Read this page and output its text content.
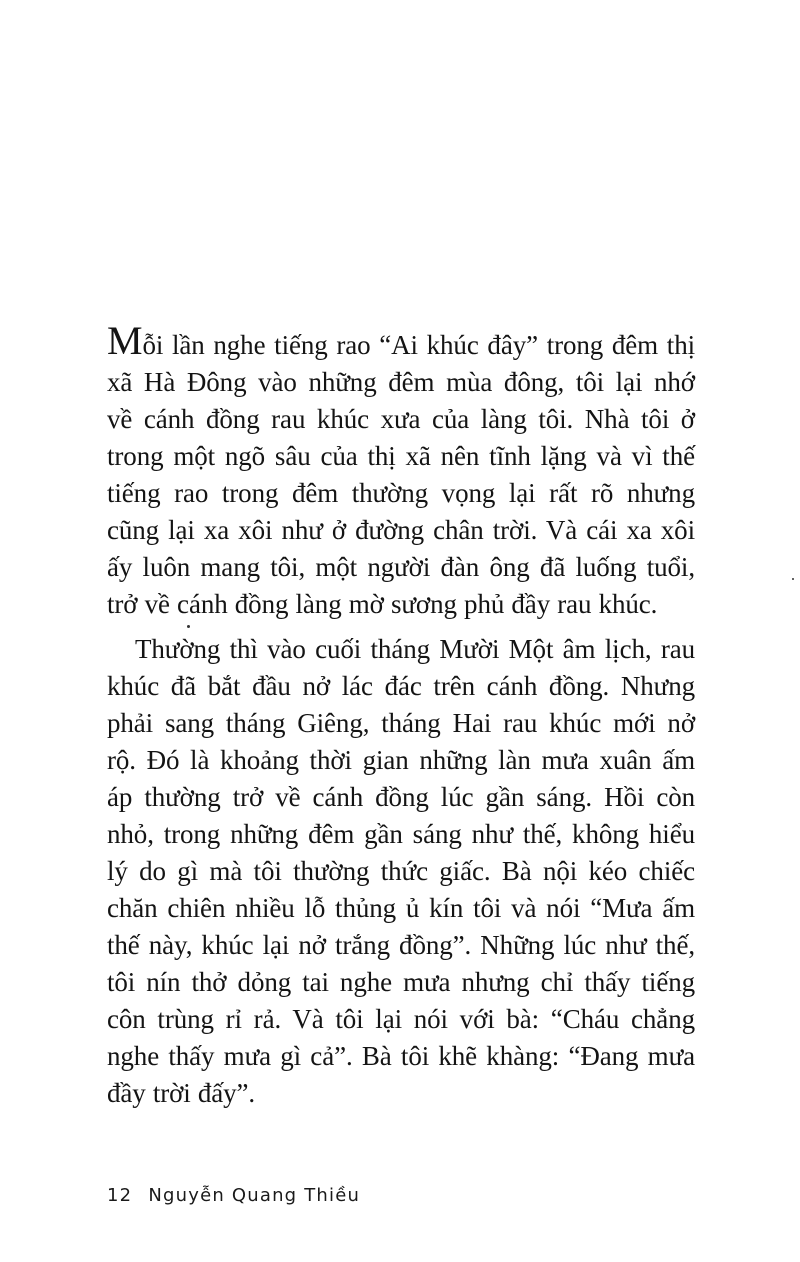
Mỗi lần nghe tiếng rao “Ai khúc đây” trong đêm thị
xã Hà Đông vào những đêm mùa đông, tôi lại nhớ
về cánh đồng rau khúc xưa của làng tôi. Nhà tôi ở
trong một ngõ sâu của thị xã nên tĩnh lặng và vì thế
tiếng rao trong đêm thường vọng lại rất rõ nhưng
cũng lại xa xôi như ở đường chân trời. Và cái xa xôi
ấy luôn mang tôi, một người đàn ông đã luống tuổi,
trở về cánh đồng làng mờ sương phủ đầy rau khúc.

Thường thì vào cuối tháng Mười Một âm lịch, rau
khúc đã bắt đầu nở lác đác trên cánh đồng. Nhưng
phải sang tháng Giêng, tháng Hai rau khúc mới nở
rộ. Đó là khoảng thời gian những làn mưa xuân ấm
áp thường trở về cánh đồng lúc gần sáng. Hồi còn
nhỏ, trong những đêm gần sáng như thế, không hiểu
lý do gì mà tôi thường thức giấc. Bà nội kéo chiếc
chăn chiên nhiều lỗ thủng ủ kín tôi và nói “Mưa ấm
thế này, khúc lại nở trắng đồng”. Những lúc như thế,
tôi nín thở dỏng tai nghe mưa nhưng chỉ thấy tiếng
côn trùng rỉ rả. Và tôi lại nói với bà: “Cháu chẳng
nghe thấy mưa gì cả”. Bà tôi khẽ khàng: “Đang mưa
đầy trời đấy”.

12 Nguyễn Quang Thiều
